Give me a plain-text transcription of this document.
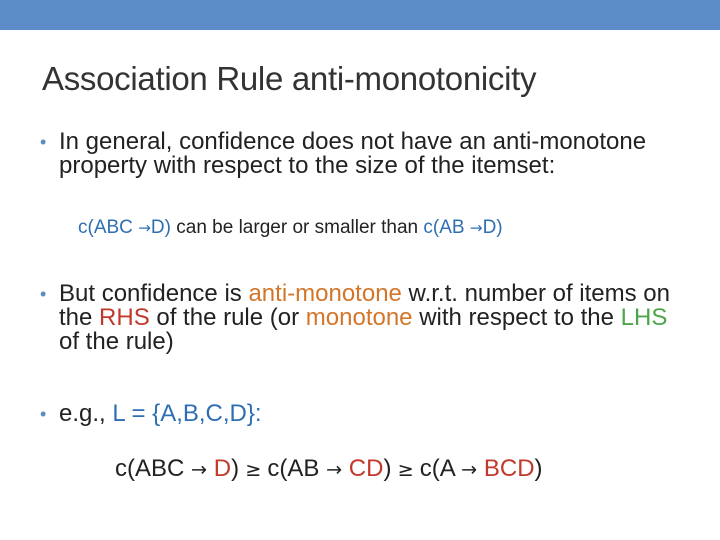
Association Rule anti-monotonicity
• In general, confidence does not have an anti-monotone property with respect to the size of the itemset:
c(ABC →D) can be larger or smaller than c(AB →D)
• But confidence is anti-monotone w.r.t. number of items on the RHS of the rule (or monotone with respect to the LHS of the rule)
• e.g., L = {A,B,C,D}:
c(ABC → D) ≥ c(AB → CD) ≥ c(A → BCD)
